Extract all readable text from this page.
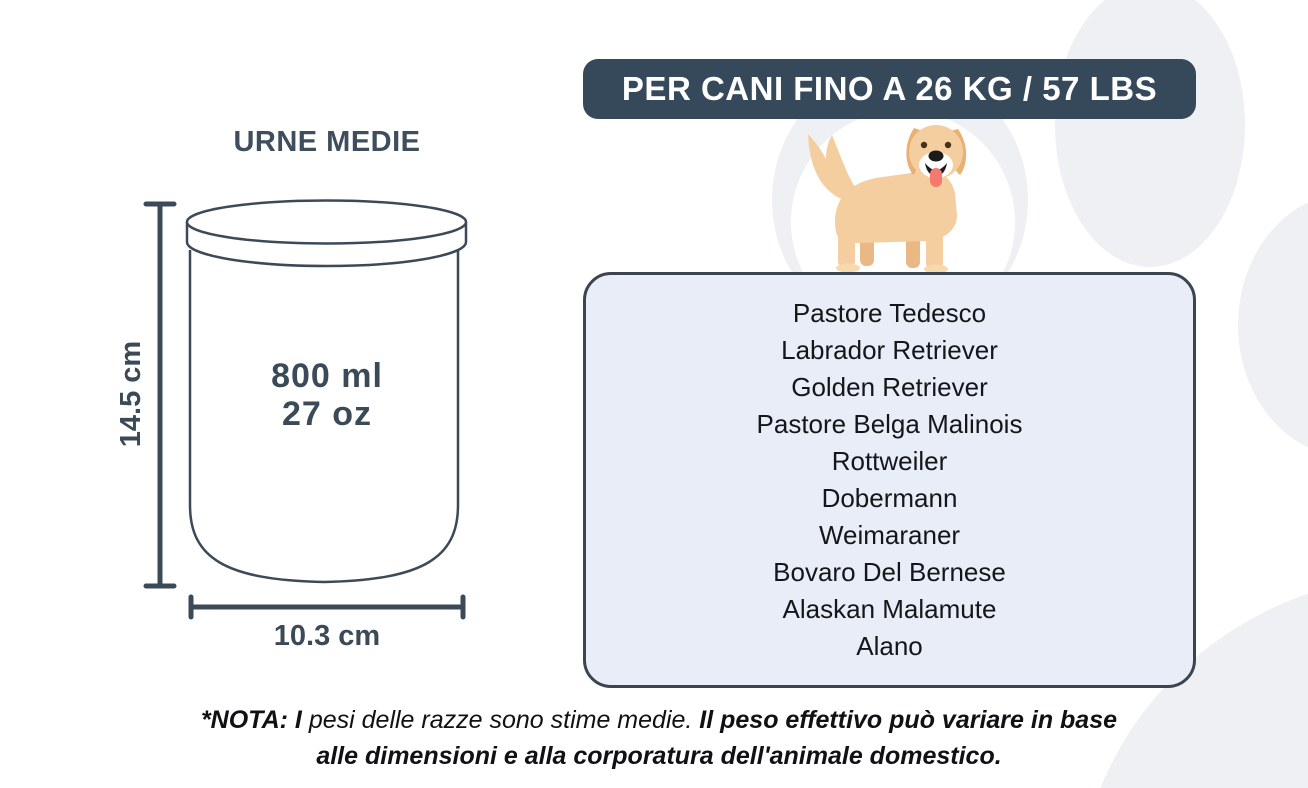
URNE MEDIE
800 ml
27 oz
14.5 cm
10.3 cm
PER CANI FINO A 26 KG / 57 LBS
Pastore Tedesco
Labrador Retriever
Golden Retriever
Pastore Belga Malinois
Rottweiler
Dobermann
Weimaraner
Bovaro Del Bernese
Alaskan Malamute
Alano
*NOTA: I pesi delle razze sono stime medie. Il peso effettivo può variare in base
alle dimensioni e alla corporatura dell'animale domestico.
